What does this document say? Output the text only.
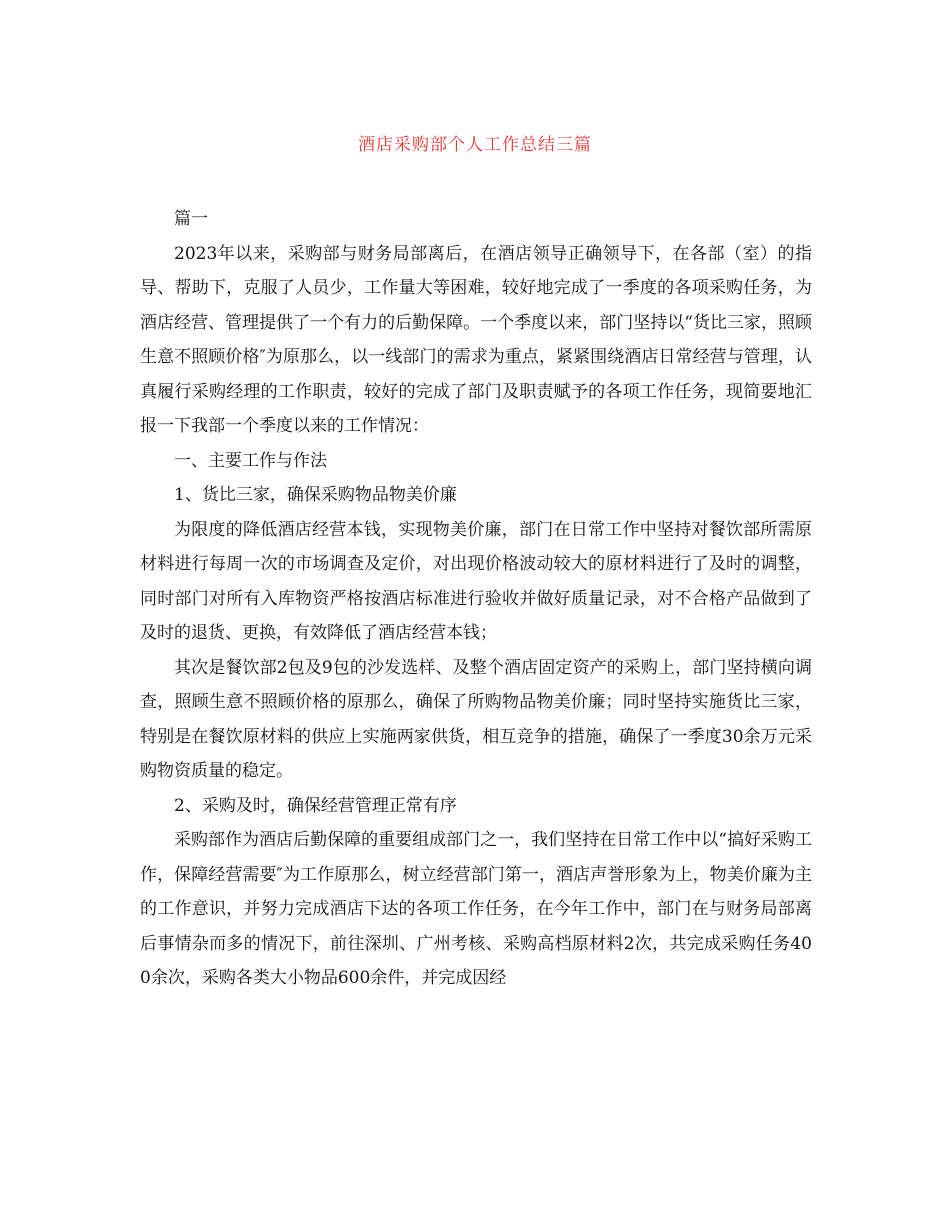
酒店采购部个人工作总结三篇

篇一

2023年以来，采购部与财务局部离后，在酒店领导正确领导下，在各部（室）的指导、帮助下，克服了人员少，工作量大等困难，较好地完成了一季度的各项采购任务，为酒店经营、管理提供了一个有力的后勤保障。一个季度以来，部门坚持以“货比三家，照顾生意不照顾价格″为原那么，以一线部门的需求为重点，紧紧围绕酒店日常经营与管理，认真履行采购经理的工作职责，较好的完成了部门及职责赋予的各项工作任务，现简要地汇报一下我部一个季度以来的工作情况：

一、主要工作与作法

1、货比三家，确保采购物品物美价廉

为限度的降低酒店经营本钱，实现物美价廉，部门在日常工作中坚持对餐饮部所需原材料进行每周一次的市场调查及定价，对出现价格波动较大的原材料进行了及时的调整，同时部门对所有入库物资严格按酒店标准进行验收并做好质量记录，对不合格产品做到了及时的退货、更换，有效降低了酒店经营本钱；

其次是餐饮部2包及9包的沙发选样、及整个酒店固定资产的采购上，部门坚持横向调查，照顾生意不照顾价格的原那么，确保了所购物品物美价廉；同时坚持实施货比三家，特别是在餐饮原材料的供应上实施两家供货，相互竞争的措施，确保了一季度30余万元采购物资质量的稳定。

2、采购及时，确保经营管理正常有序

采购部作为酒店后勤保障的重要组成部门之一，我们坚持在日常工作中以“搞好采购工作，保障经营需要″为工作原那么，树立经营部门第一，酒店声誉形象为上，物美价廉为主的工作意识，并努力完成酒店下达的各项工作任务，在今年工作中，部门在与财务局部离后事情杂而多的情况下，前往深圳、广州考核、采购高档原材料2次，共完成采购任务400余次，采购各类大小物品600余件，并完成因经
